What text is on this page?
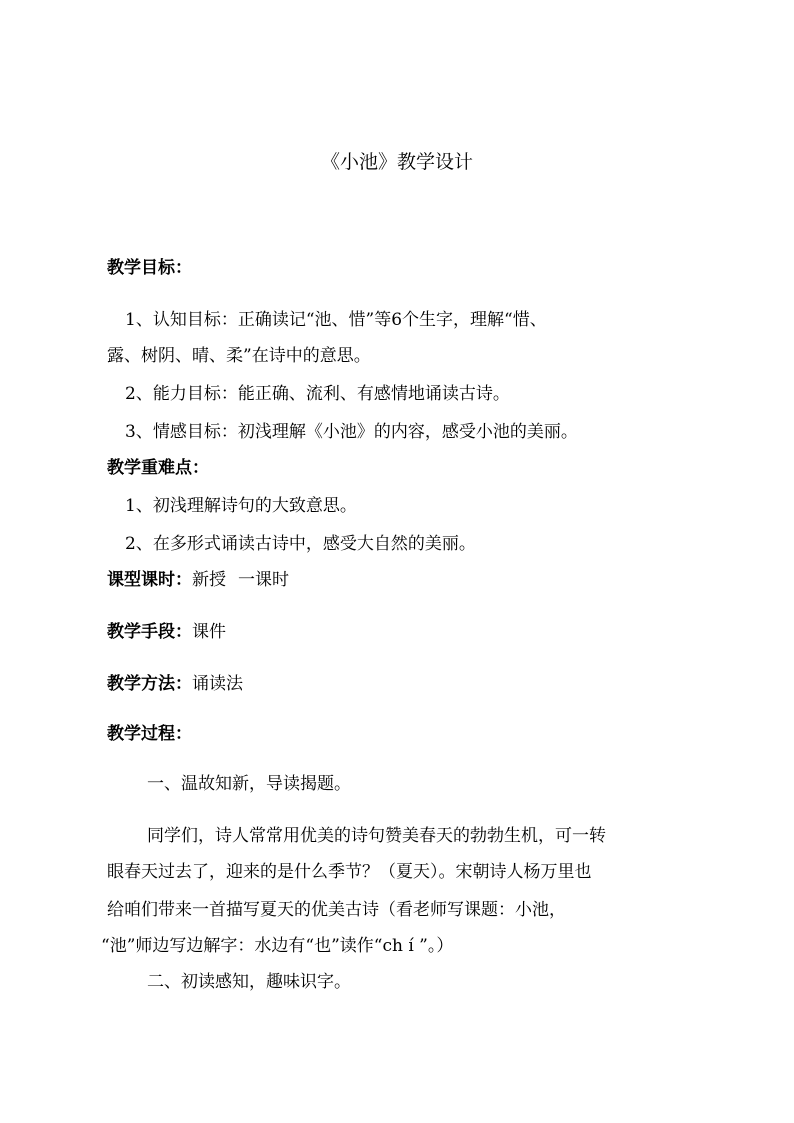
《小池》教学设计
教学目标：
1、认知目标：正确读记“池、惜”等6个生字，理解“惜、
露、树阴、晴、柔”在诗中的意思。
2、能力目标：能正确、流利、有感情地诵读古诗。
3、情感目标：初浅理解《小池》的内容，感受小池的美丽。
教学重难点：
1、初浅理解诗句的大致意思。
2、在多形式诵读古诗中，感受大自然的美丽。
课型课时：新授 一课时
教学手段：课件
教学方法：诵读法
教学过程：
一、温故知新，导读揭题。
同学们，诗人常常用优美的诗句赞美春天的勃勃生机，可一转
眼春天过去了，迎来的是什么季节？（夏天）。宋朝诗人杨万里也
给咱们带来一首描写夏天的优美古诗（看老师写课题：小池，
“池”师边写边解字：水边有“也”读作“ch í ”。）
二、初读感知，趣味识字。
